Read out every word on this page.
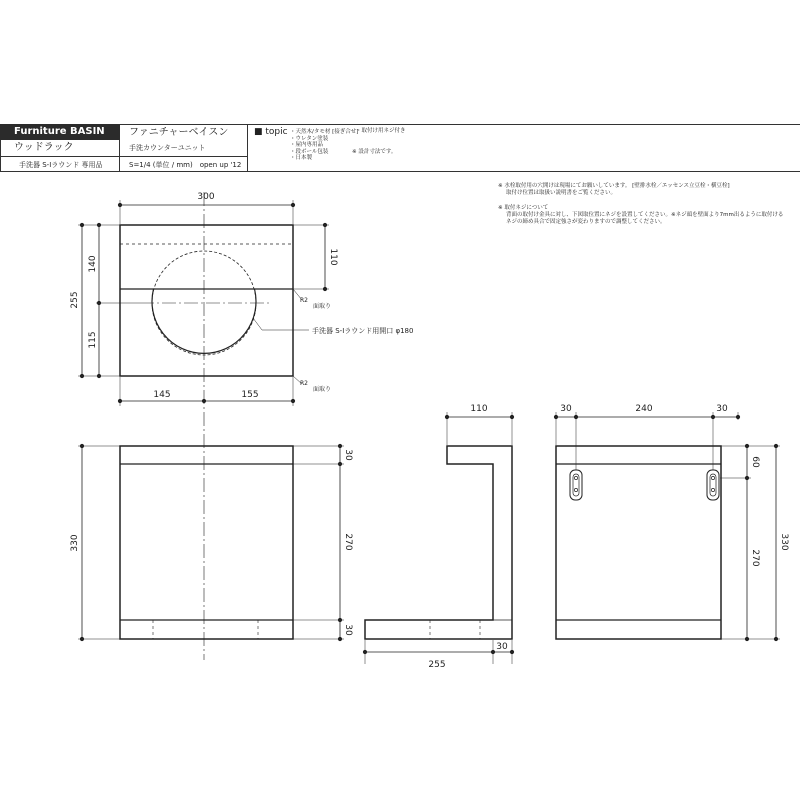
Furniture BASIN	ファニチャーベイスン
ウッドラック	手洗カウンターユニット
手洗器 S-Iラウンド 専用品	S=1/4 (単位 / mm)　open up '12
■ topic ・天然木/タモ材 [接ぎ合せ]
・ウレタン塗装
・屋内専用品
・段ボール包装
・日本製
・取付け用ネジ付き
※ 設計寸法です。

※ 水栓取付用の穴開けは現場にてお願いしています。 [壁排水栓／エッセンス立豆栓・横豆栓]

取付け位置は取扱い説明書をご覧ください。

※ 取付ネジについて

背面の取付け金具に対し、下図取位置にネジを設置してください。※ネジ頭を壁面より7mm出るように取付ける

ネジの締め具合で固定強さが変わりますので調整してください。

300
255
140
115
110
R2
面取り
R2
面取り
手洗器 S-Iラウンド用開口 φ180
145	155
330
30
270
30
110
255
30
30	240	30
60
270
330
